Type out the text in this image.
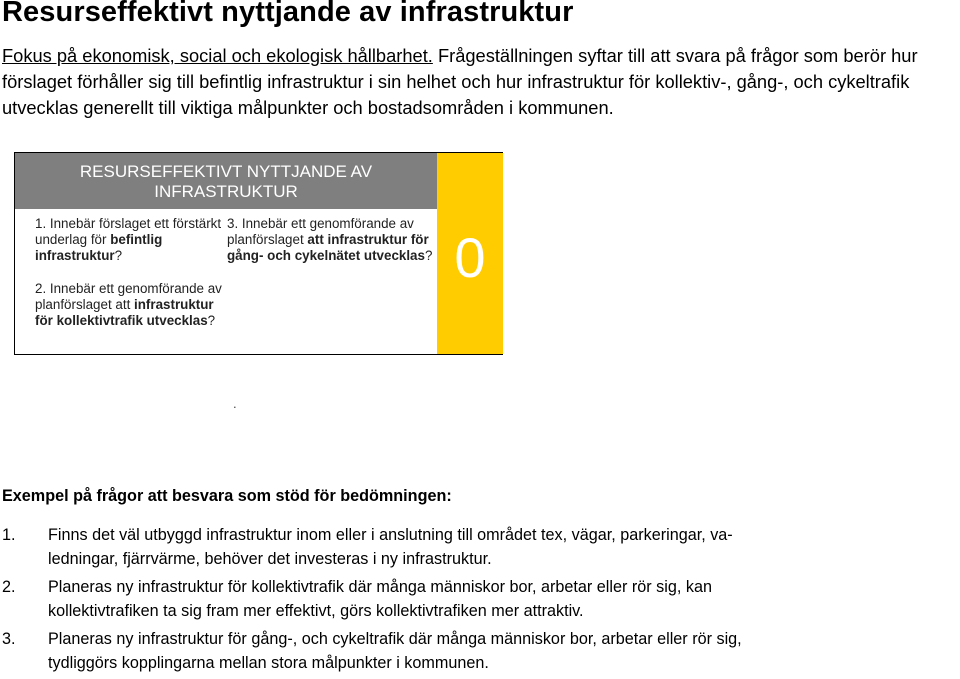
Resurseffektivt nyttjande av infrastruktur

Fokus på ekonomisk, social och ekologisk hållbarhet. Frågeställningen syftar till att svara på frågor som berör hur förslaget förhåller sig till befintlig infrastruktur i sin helhet och hur infrastruktur för kollektiv-, gång-, och cykeltrafik utvecklas generellt till viktiga målpunkter och bostadsområden i kommunen.

RESURSEFFEKTIVT NYTTJANDE AV INFRASTRUKTUR

1. Innebär förslaget ett förstärkt underlag för befintlig infrastruktur?

2. Innebär ett genomförande av planförslaget att infrastruktur för kollektivtrafik utvecklas?

3. Innebär ett genomförande av planförslaget att infrastruktur för gång- och cykelnätet utvecklas? 0
.

Exempel på frågor att besvara som stöd för bedömningen:

1. Finns det väl utbyggd infrastruktur inom eller i anslutning till området tex, vägar, parkeringar, va-ledningar, fjärrvärme, behöver det investeras i ny infrastruktur.
2. Planeras ny infrastruktur för kollektivtrafik där många människor bor, arbetar eller rör sig, kan kollektivtrafiken ta sig fram mer effektivt, görs kollektivtrafiken mer attraktiv.
3. Planeras ny infrastruktur för gång-, och cykeltrafik där många människor bor, arbetar eller rör sig, tydliggörs kopplingarna mellan stora målpunkter i kommunen.
